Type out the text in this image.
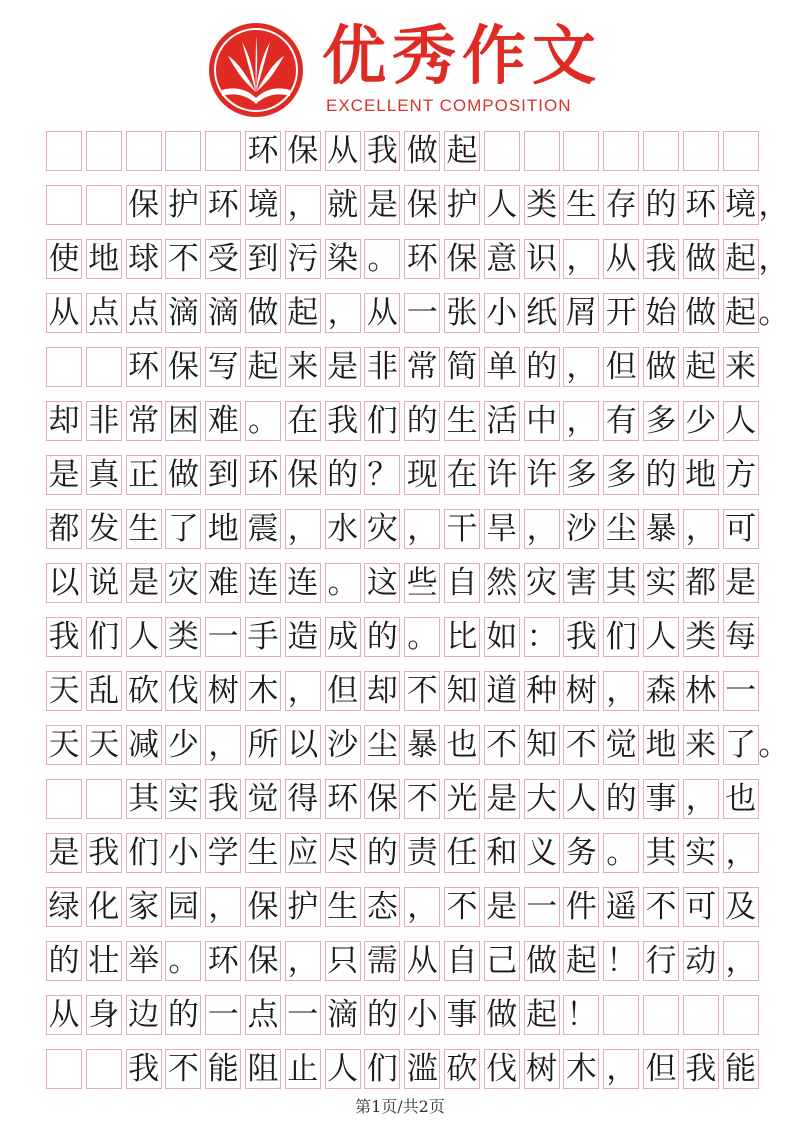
优秀作文
EXCELLENT COMPOSITION
环 保 从 我 做 起
保 护 环 境 ， 就 是 保 护 人 类 生 存 的 环 境 ，
使 地 球 不 受 到 污 染 。 环 保 意 识 ， 从 我 做 起 ，
从 点 点 滴 滴 做 起 ， 从 一 张 小 纸 屑 开 始 做 起 。
环 保 写 起 来 是 非 常 简 单 的 ， 但 做 起 来
却 非 常 困 难 。 在 我 们 的 生 活 中 ， 有 多 少 人
是 真 正 做 到 环 保 的 ？ 现 在 许 许 多 多 的 地 方
都 发 生 了 地 震 ， 水 灾 ， 干 旱 ， 沙 尘 暴 ， 可
以 说 是 灾 难 连 连 。 这 些 自 然 灾 害 其 实 都 是
我 们 人 类 一 手 造 成 的 。 比 如 ： 我 们 人 类 每
天 乱 砍 伐 树 木 ， 但 却 不 知 道 种 树 ， 森 林 一
天 天 减 少 ， 所 以 沙 尘 暴 也 不 知 不 觉 地 来 了 。
其 实 我 觉 得 环 保 不 光 是 大 人 的 事 ， 也
是 我 们 小 学 生 应 尽 的 责 任 和 义 务 。 其 实 ，
绿 化 家 园 ， 保 护 生 态 ， 不 是 一 件 遥 不 可 及
的 壮 举 。 环 保 ， 只 需 从 自 己 做 起 ！ 行 动 ，
从 身 边 的 一 点 一 滴 的 小 事 做 起 ！
我 不 能 阻 止 人 们 滥 砍 伐 树 木 ， 但 我 能
第1页/共2页
